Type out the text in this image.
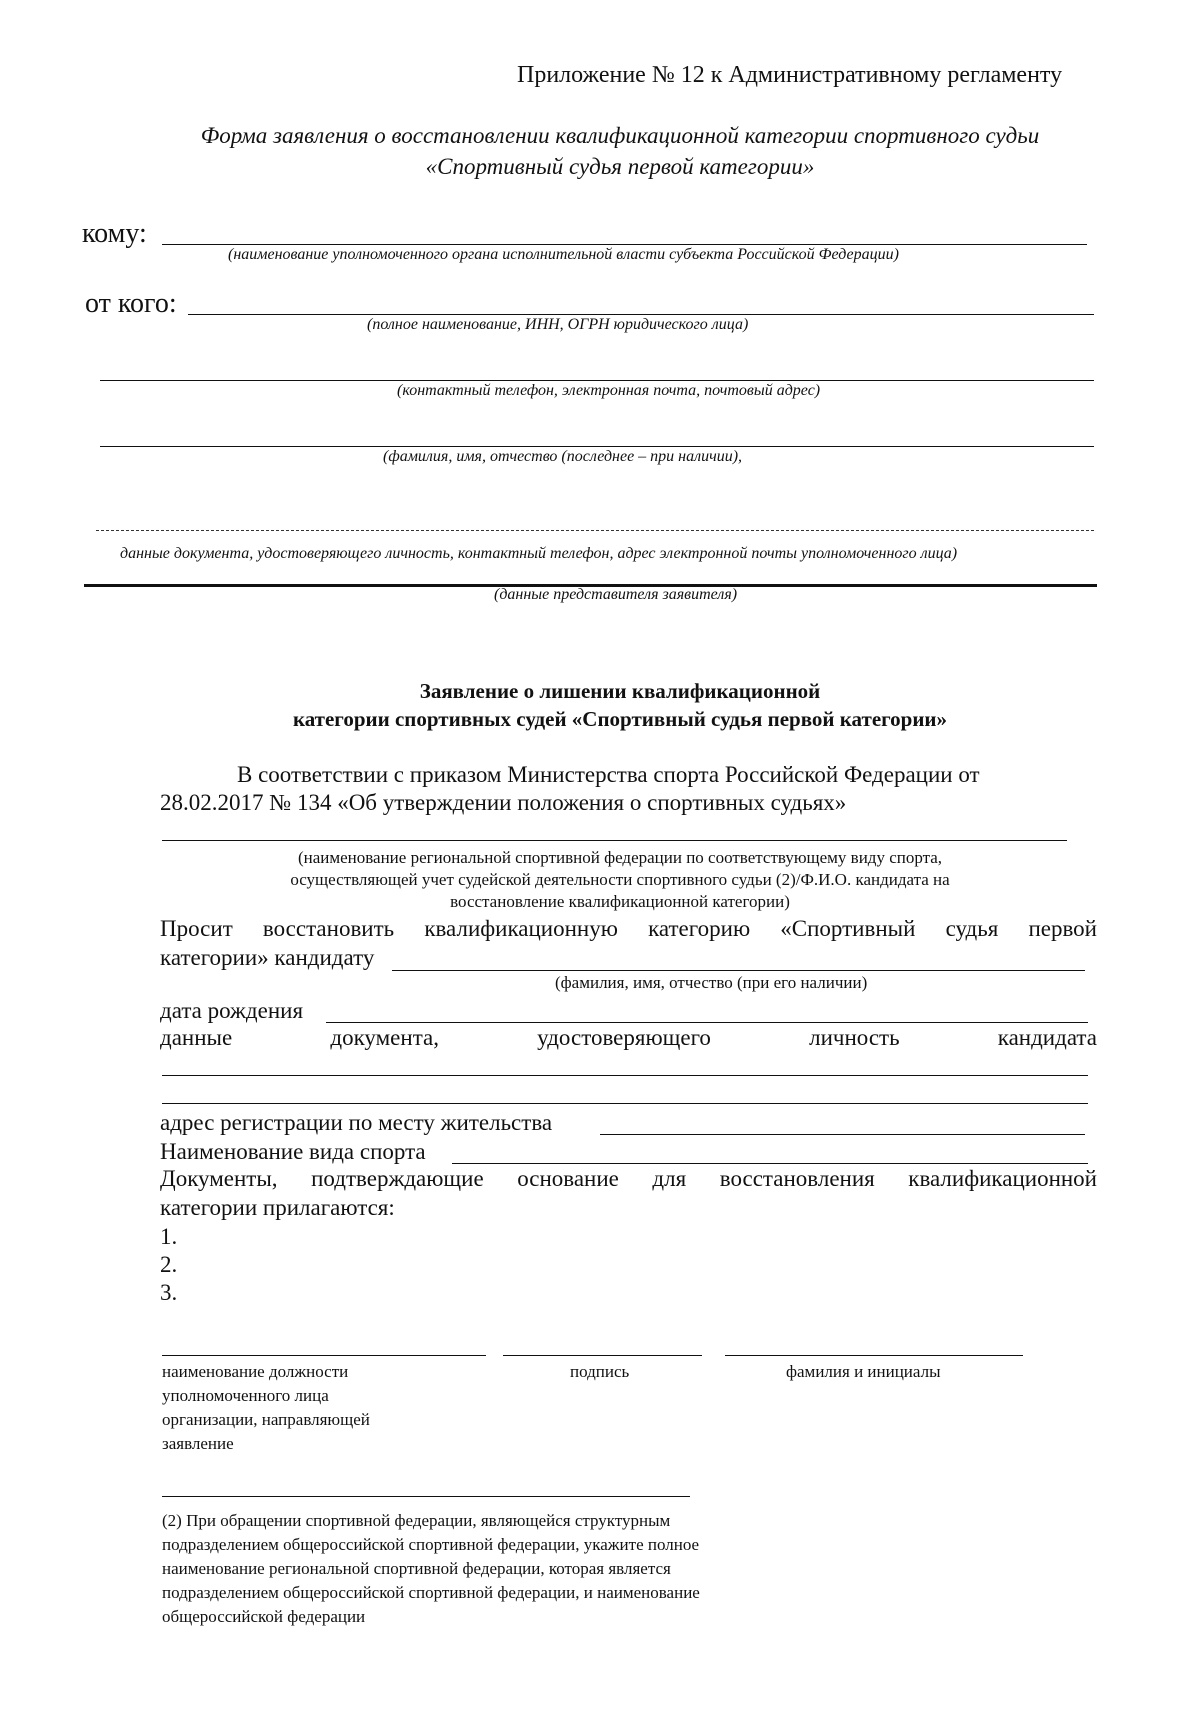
Приложение № 12 к Административному регламенту
Форма заявления о восстановлении квалификационной категории спортивного судьи
«Спортивный судья первой категории»
кому:
(наименование уполномоченного органа исполнительной власти субъекта Российской Федерации)
от кого:
(полное наименование, ИНН, ОГРН юридического лица)
(контактный телефон, электронная почта, почтовый адрес)
(фамилия, имя, отчество (последнее – при наличии),
данные документа, удостоверяющего личность, контактный телефон, адрес электронной почты уполномоченного лица)
(данные представителя заявителя)
Заявление о лишении квалификационной
категории спортивных судей «Спортивный судья первой категории»
В соответствии с приказом Министерства спорта Российской Федерации от
28.02.2017 № 134 «Об утверждении положения о спортивных судьях»
(наименование региональной спортивной федерации по соответствующему виду спорта,
осуществляющей учет судейской деятельности спортивного судьи (2)/Ф.И.О. кандидата на
восстановление квалификационной категории)
Просит восстановить квалификационную категорию «Спортивный судья первой
категории» кандидату
(фамилия, имя, отчество (при его наличии)
дата рождения
данные	документа,	удостоверяющего	личность	кандидата
адрес регистрации по месту жительства
Наименование вида спорта
Документы, подтверждающие основание для восстановления квалификационной
категории прилагаются:
1.
2.
3.
наименование должности
уполномоченного лица
организации, направляющей
заявление
подпись	фамилия и инициалы
(2) При обращении спортивной федерации, являющейся структурным
подразделением общероссийской спортивной федерации, укажите полное
наименование региональной спортивной федерации, которая является
подразделением общероссийской спортивной федерации, и наименование
общероссийской федерации
